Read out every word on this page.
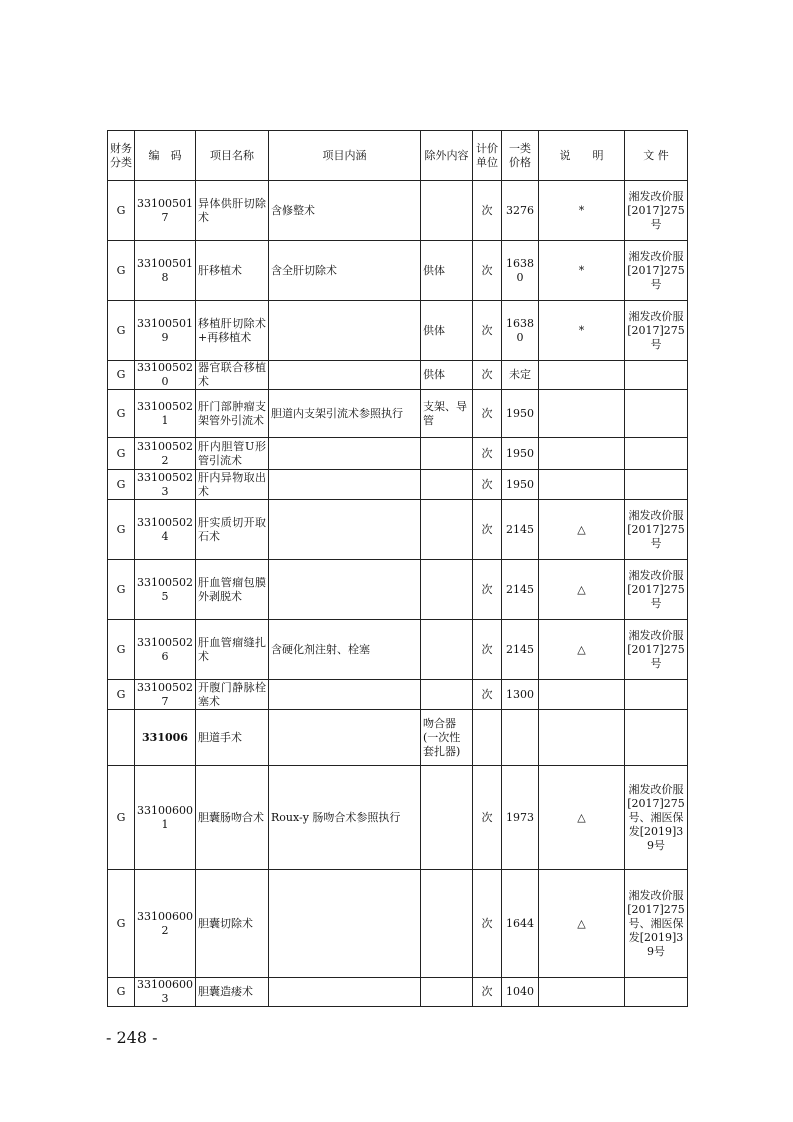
财务分类	编　码	项目名称	项目内涵	除外内容	计价单位	一类价格	说　　明	文 件
G	331005017	异体供肝切除术	含修整术		次	3276	*	湘发改价服[2017]275号
G	331005018	肝移植术	含全肝切除术	供体	次	16380	*	湘发改价服[2017]275号
G	331005019	移植肝切除术+再移植术		供体	次	16380	*	湘发改价服[2017]275号
G	331005020	器官联合移植术		供体	次	未定		
G	331005021	肝门部肿瘤支架管外引流术	胆道内支架引流术参照执行	支架、导管	次	1950		
G	331005022	肝内胆管U形管引流术			次	1950		
G	331005023	肝内异物取出术			次	1950		
G	331005024	肝实质切开取石术			次	2145	△	湘发改价服[2017]275号
G	331005025	肝血管瘤包膜外剥脱术			次	2145	△	湘发改价服[2017]275号
G	331005026	肝血管瘤缝扎术	含硬化剂注射、栓塞		次	2145	△	湘发改价服[2017]275号
G	331005027	开腹门静脉栓塞术			次	1300		
	331006	胆道手术		吻合器(一次性套扎器)				
G	331006001	胆囊肠吻合术	Roux-y 肠吻合术参照执行		次	1973	△	湘发改价服[2017]275号、湘医保发[2019]39号
G	331006002	胆囊切除术			次	1644	△	湘发改价服[2017]275号、湘医保发[2019]39号
G	331006003	胆囊造瘘术			次	1040		
- 248 -
